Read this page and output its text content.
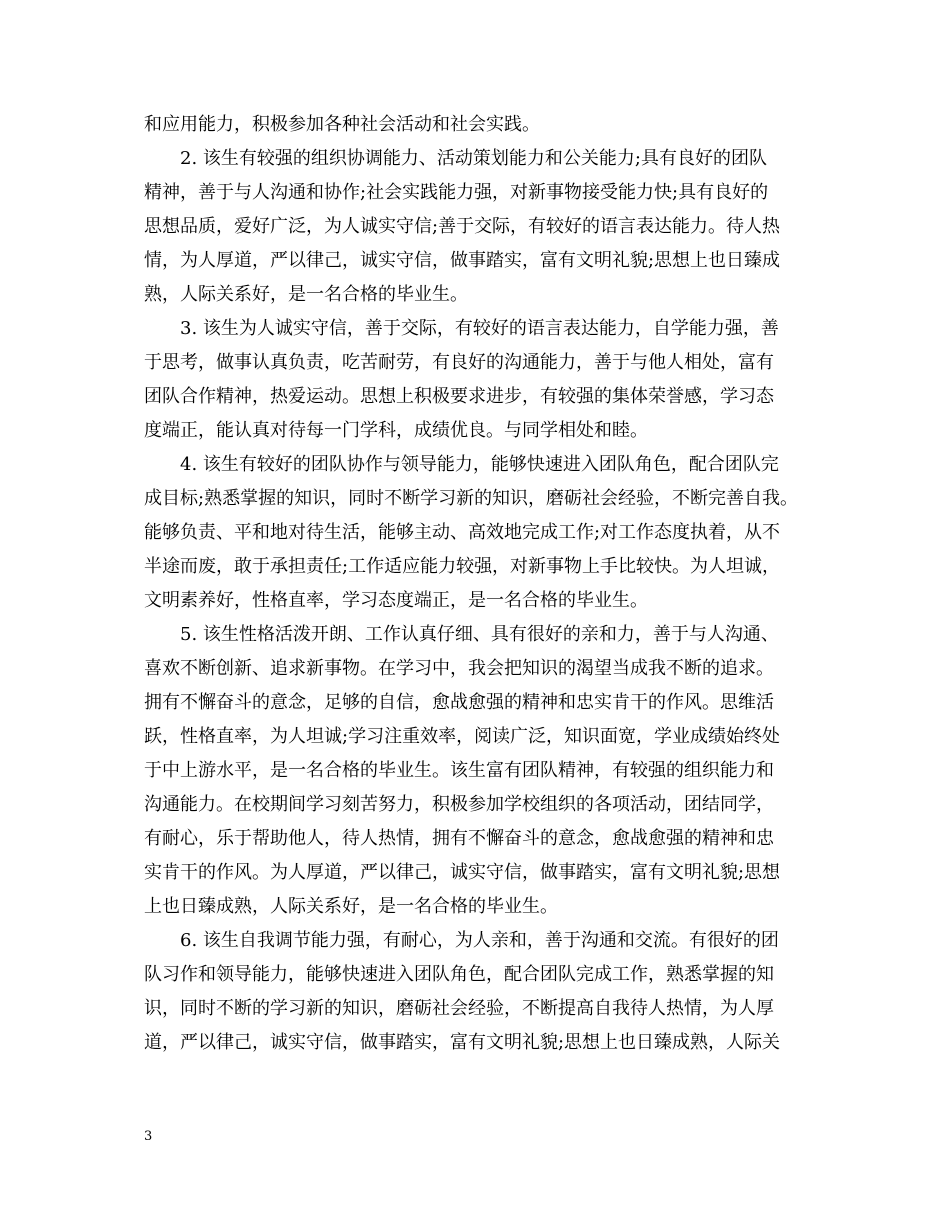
和应用能力，积极参加各种社会活动和社会实践。
2. 该生有较强的组织协调能力、活动策划能力和公关能力;具有良好的团队
精神，善于与人沟通和协作;社会实践能力强，对新事物接受能力快;具有良好的
思想品质，爱好广泛，为人诚实守信;善于交际，有较好的语言表达能力。待人热
情，为人厚道，严以律己，诚实守信，做事踏实，富有文明礼貌;思想上也日臻成
熟，人际关系好，是一名合格的毕业生。
3. 该生为人诚实守信，善于交际，有较好的语言表达能力，自学能力强，善
于思考，做事认真负责，吃苦耐劳，有良好的沟通能力，善于与他人相处，富有
团队合作精神，热爱运动。思想上积极要求进步，有较强的集体荣誉感，学习态
度端正，能认真对待每一门学科，成绩优良。与同学相处和睦。
4. 该生有较好的团队协作与领导能力，能够快速进入团队角色，配合团队完
成目标;熟悉掌握的知识，同时不断学习新的知识，磨砺社会经验，不断完善自我。
能够负责、平和地对待生活，能够主动、高效地完成工作;对工作态度执着，从不
半途而废，敢于承担责任;工作适应能力较强，对新事物上手比较快。为人坦诚，
文明素养好，性格直率，学习态度端正，是一名合格的毕业生。
5. 该生性格活泼开朗、工作认真仔细、具有很好的亲和力，善于与人沟通、
喜欢不断创新、追求新事物。在学习中，我会把知识的渴望当成我不断的追求。
拥有不懈奋斗的意念，足够的自信，愈战愈强的精神和忠实肯干的作风。思维活
跃，性格直率，为人坦诚;学习注重效率，阅读广泛，知识面宽，学业成绩始终处
于中上游水平，是一名合格的毕业生。该生富有团队精神，有较强的组织能力和
沟通能力。在校期间学习刻苦努力，积极参加学校组织的各项活动，团结同学，
有耐心，乐于帮助他人，待人热情，拥有不懈奋斗的意念，愈战愈强的精神和忠
实肯干的作风。为人厚道，严以律己，诚实守信，做事踏实，富有文明礼貌;思想
上也日臻成熟，人际关系好，是一名合格的毕业生。
6. 该生自我调节能力强，有耐心，为人亲和，善于沟通和交流。有很好的团
队习作和领导能力，能够快速进入团队角色，配合团队完成工作，熟悉掌握的知
识，同时不断的学习新的知识，磨砺社会经验，不断提高自我待人热情，为人厚
道，严以律己，诚实守信，做事踏实，富有文明礼貌;思想上也日臻成熟，人际关
3
